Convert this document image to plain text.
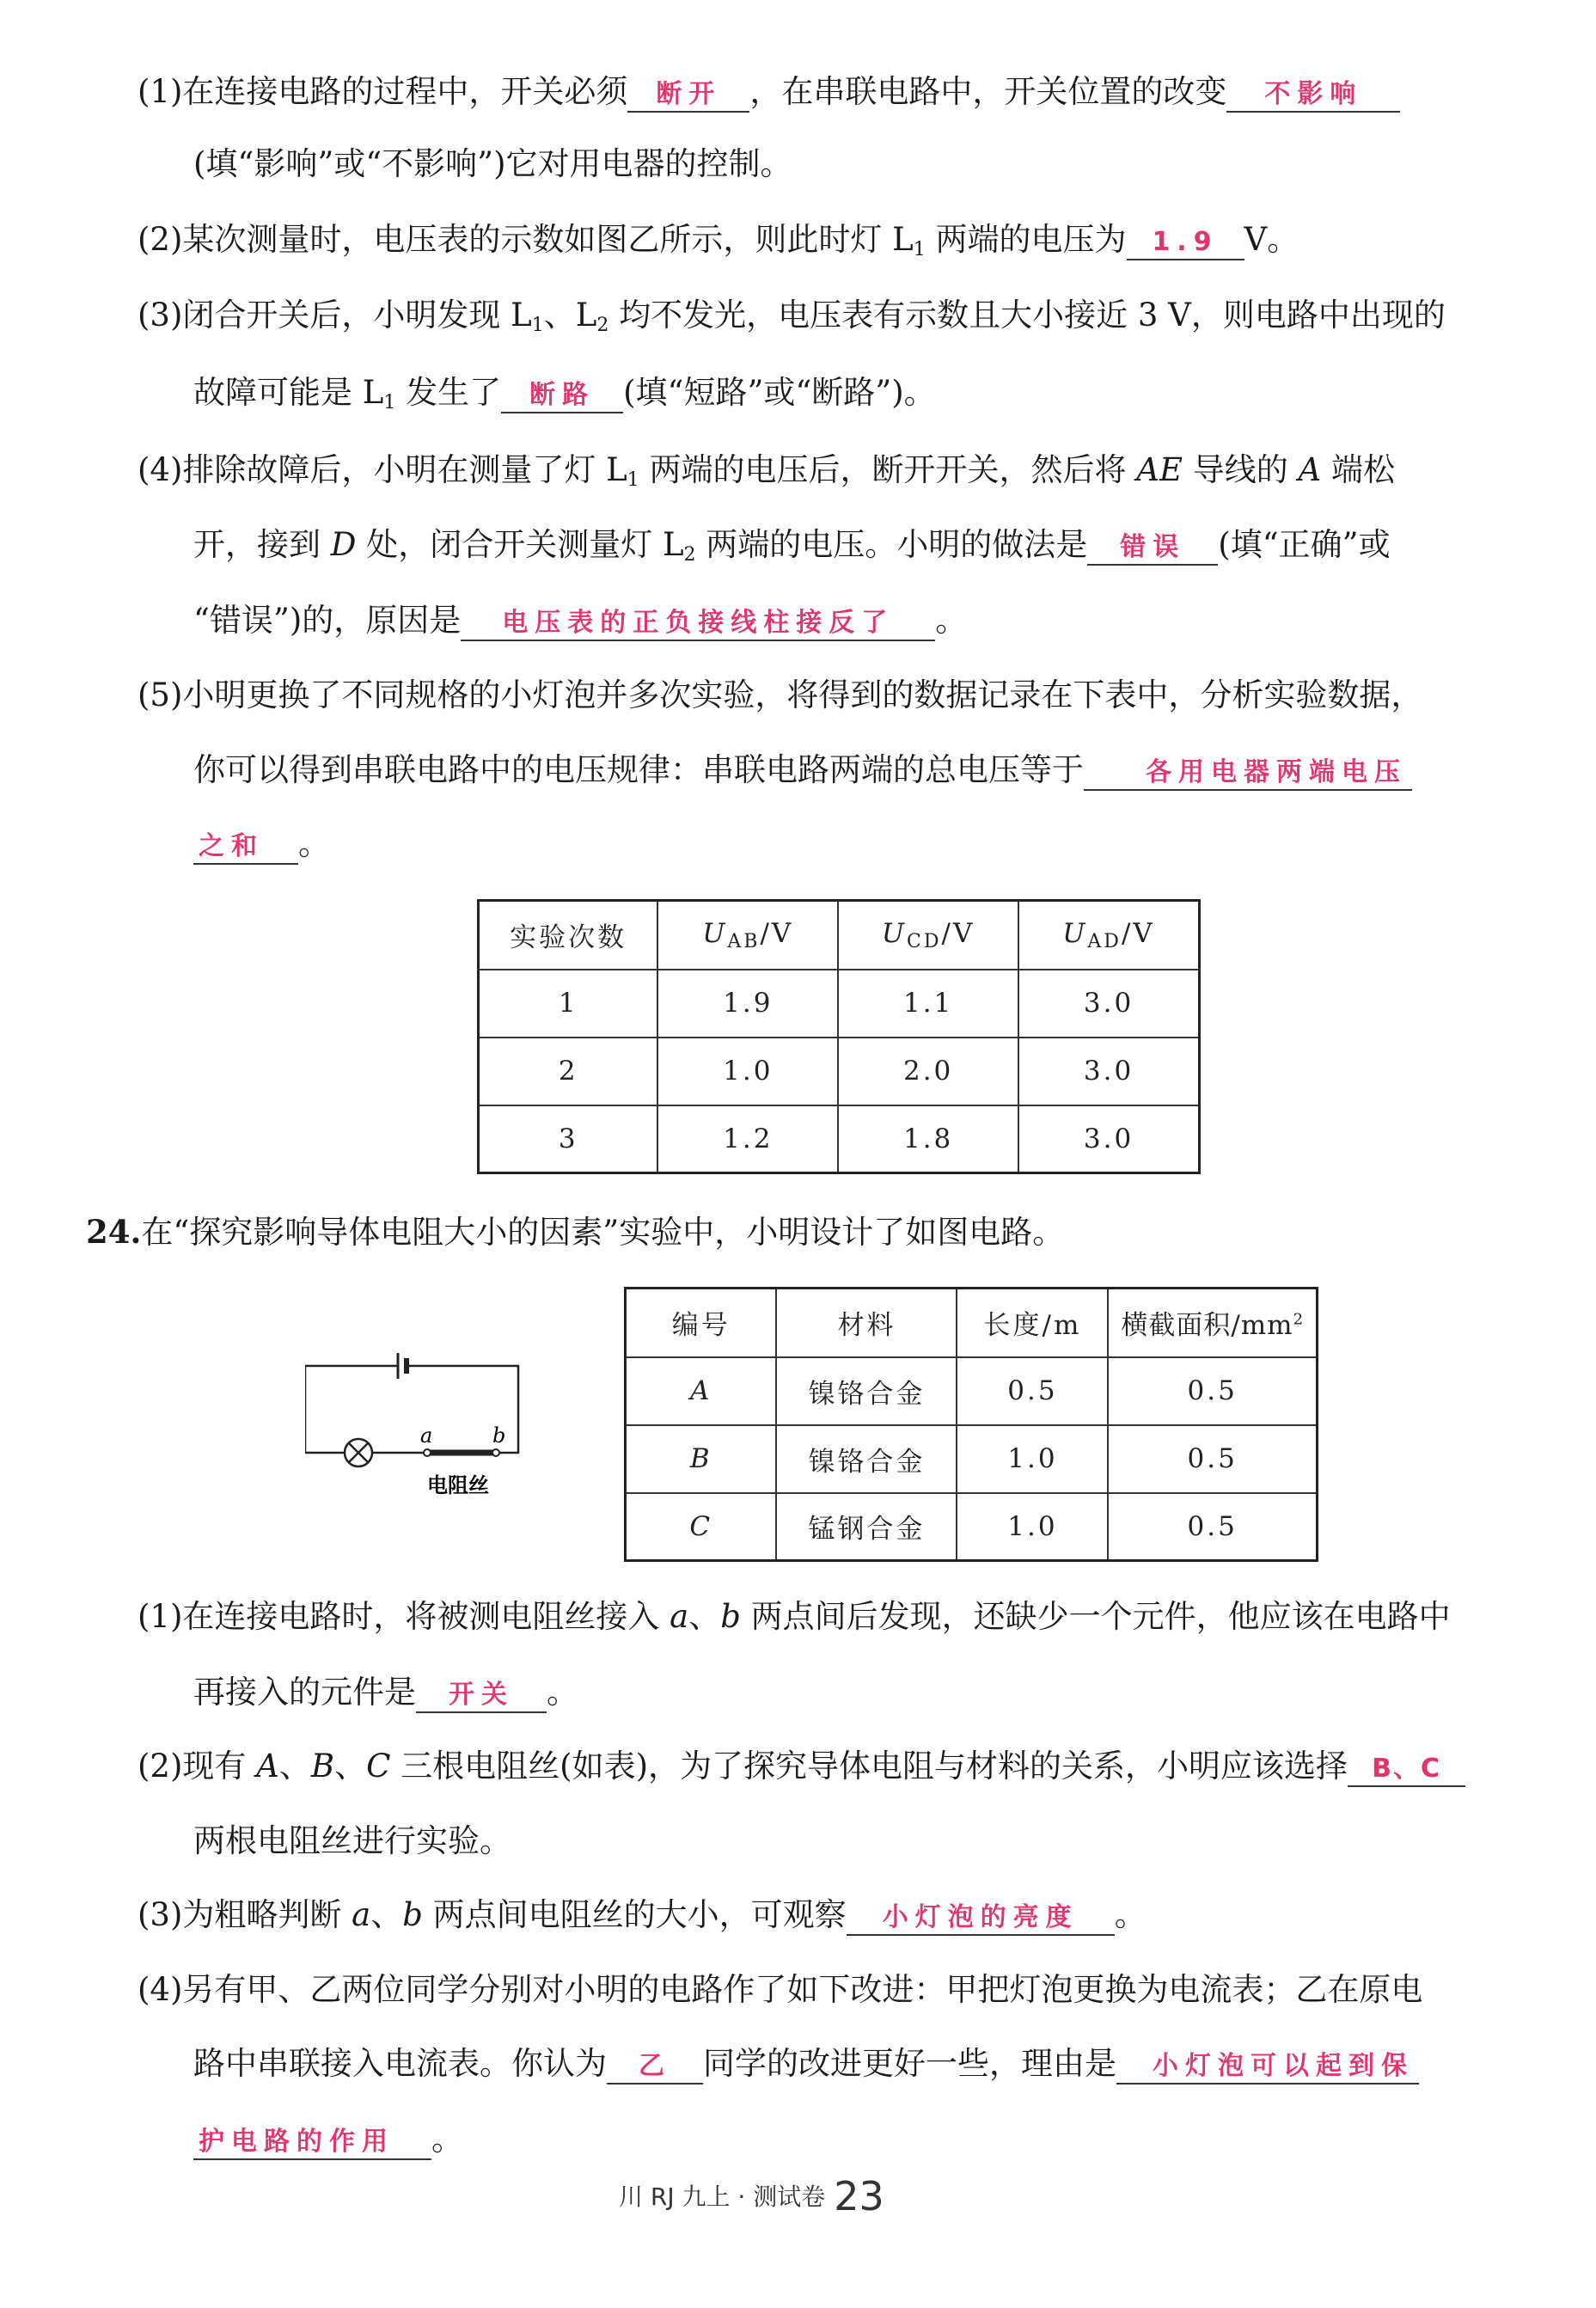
(1)在连接电路的过程中，开关必须 断开 ，在串联电路中，开关位置的改变 不影响
(填“影响”或“不影响”)它对用电器的控制。
(2)某次测量时，电压表的示数如图乙所示，则此时灯 $L_1$ 两端的电压为 1.9 V。
(3)闭合开关后，小明发现 $L_1$、$L_2$ 均不发光，电压表有示数且大小接近 3 V，则电路中出现的
故障可能是 $L_1$ 发生了 断路 (填“短路”或“断路”)。
(4)排除故障后，小明在测量了灯 $L_1$ 两端的电压后，断开开关，然后将 AE 导线的 A 端松
开，接到 D 处，闭合开关测量灯 $L_2$ 两端的电压。小明的做法是 错误 (填“正确”或
“错误”)的，原因是 电压表的正负接线柱接反了 。
(5)小明更换了不同规格的小灯泡并多次实验，将得到的数据记录在下表中，分析实验数据，
你可以得到串联电路中的电压规律：串联电路两端的总电压等于 各用电器两端电压
之和 。
实验次数	$U_{AB}/V$	$U_{CD}/V$	$U_{AD}/V$
1	1.9	1.1	3.0
2	1.0	2.0	3.0
3	1.2	1.8	3.0
24.在“探究影响导体电阻大小的因素”实验中，小明设计了如图电路。
a	b
电阻丝
编号	材料	长度/m	横截面积$/mm^2$
A	镍铬合金	0.5	0.5
B	镍铬合金	1.0	0.5
C	锰钢合金	1.0	0.5
(1)在连接电路时，将被测电阻丝接入 a、b 两点间后发现，还缺少一个元件，他应该在电路中
再接入的元件是 开关 。
(2)现有 A、B、C 三根电阻丝(如表)，为了探究导体电阻与材料的关系，小明应该选择 B、C
两根电阻丝进行实验。
(3)为粗略判断 a、b 两点间电阻丝的大小，可观察 小灯泡的亮度 。
(4)另有甲、乙两位同学分别对小明的电路作了如下改进：甲把灯泡更换为电流表；乙在原电
路中串联接入电流表。你认为 乙 同学的改进更好一些，理由是 小灯泡可以起到保
护电路的作用 。
川 RJ 九上 · 测试卷 23
